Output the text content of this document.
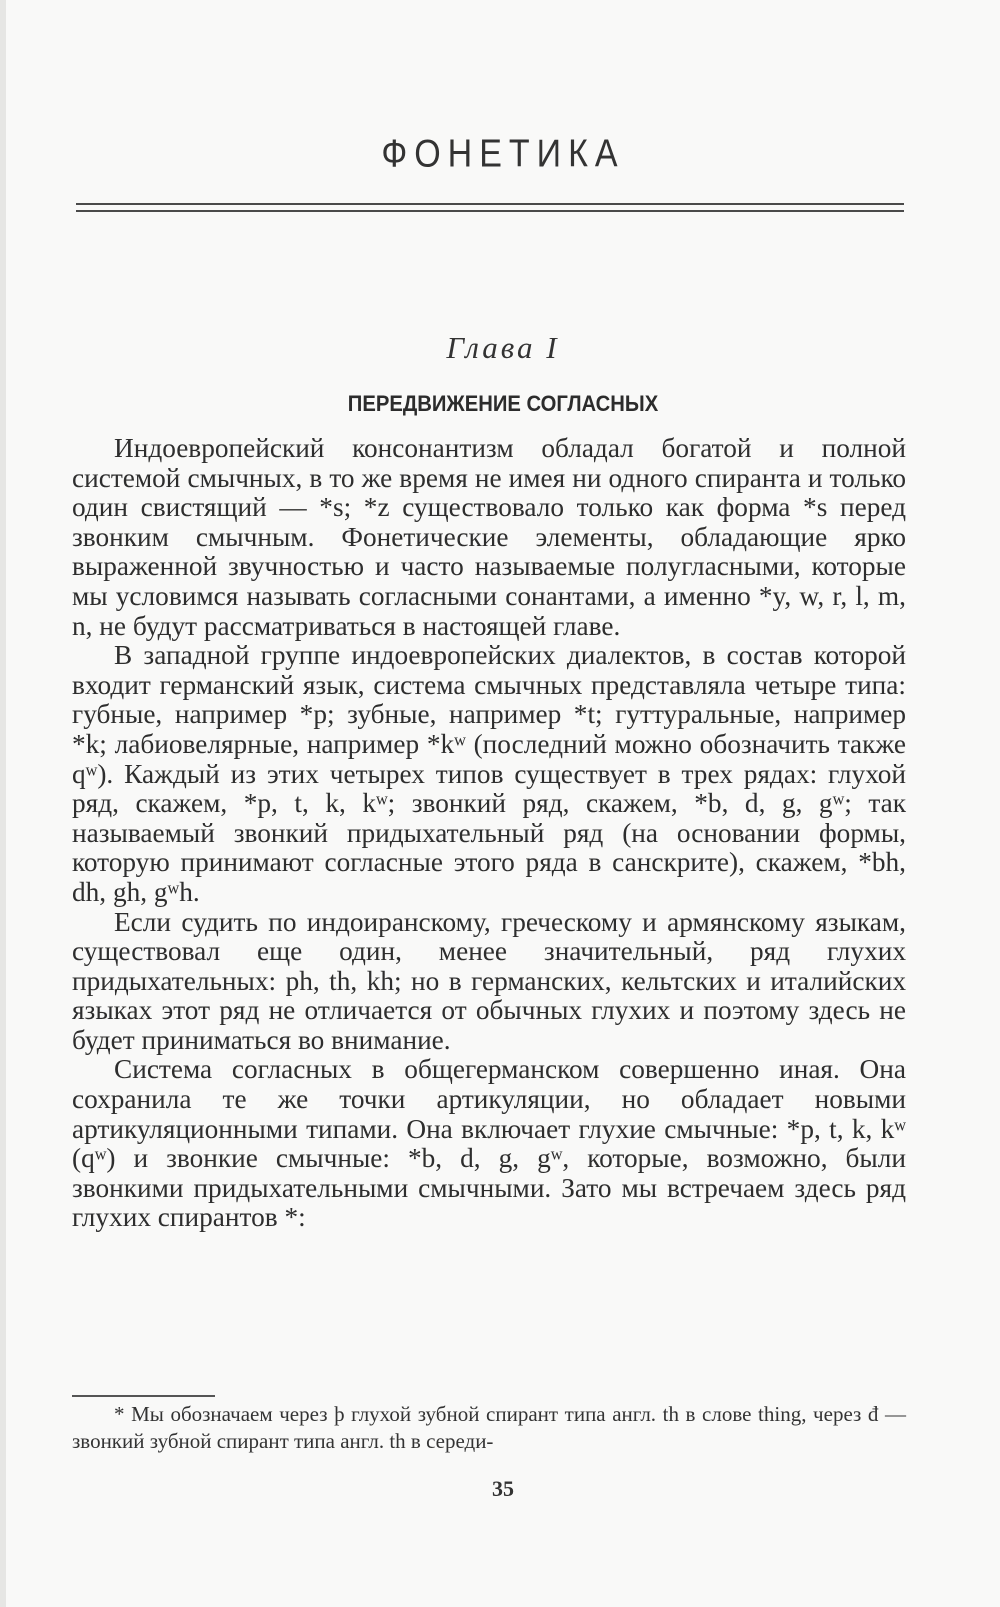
ФОНЕТИКА
Глава I
ПЕРЕДВИЖЕНИЕ СОГЛАСНЫХ

Индоевропейский консонантизм обладал богатой и полной системой смычных, в то же время не имея ни одного спиранта и только один свистящий — *s; *z существовало только как форма *s перед звонким смычным. Фонетические элементы, обладающие ярко выраженной звучностью и часто называемые полугласными, которые мы условимся называть согласными сонантами, а именно *y, w, r, l, m, n, не будут рассматриваться в настоящей главе.

В западной группе индоевропейских диалектов, в состав которой входит германский язык, система смычных представляла четыре типа: губные, например *p; зубные, например *t; гуттуральные, например *k; лабиовелярные, например *kʷ (последний можно обозначить также qʷ). Каждый из этих четырех типов существует в трех рядах: глухой ряд, скажем, *p, t, k, kʷ; звонкий ряд, скажем, *b, d, g, gʷ; так называемый звонкий придыхательный ряд (на основании формы, которую принимают согласные этого ряда в санскрите), скажем, *bh, dh, gh, gʷh.

Если судить по индоиранскому, греческому и армянскому языкам, существовал еще один, менее значительный, ряд глухих придыхательных: ph, th, kh; но в германских, кельтских и италийских языках этот ряд не отличается от обычных глухих и поэтому здесь не будет приниматься во внимание.

Система согласных в общегерманском совершенно иная. Она сохранила те же точки артикуляции, но обладает новыми артикуляционными типами. Она включает глухие смычные: *p, t, k, kʷ (qʷ) и звонкие смычные: *b, d, g, gʷ, которые, возможно, были звонкими придыхательными смычными. Зато мы встречаем здесь ряд глухих спирантов *:

* Мы обозначаем через þ глухой зубной спирант типа англ. th в слове thing, через đ — звонкий зубной спирант типа англ. th в середи-

35
